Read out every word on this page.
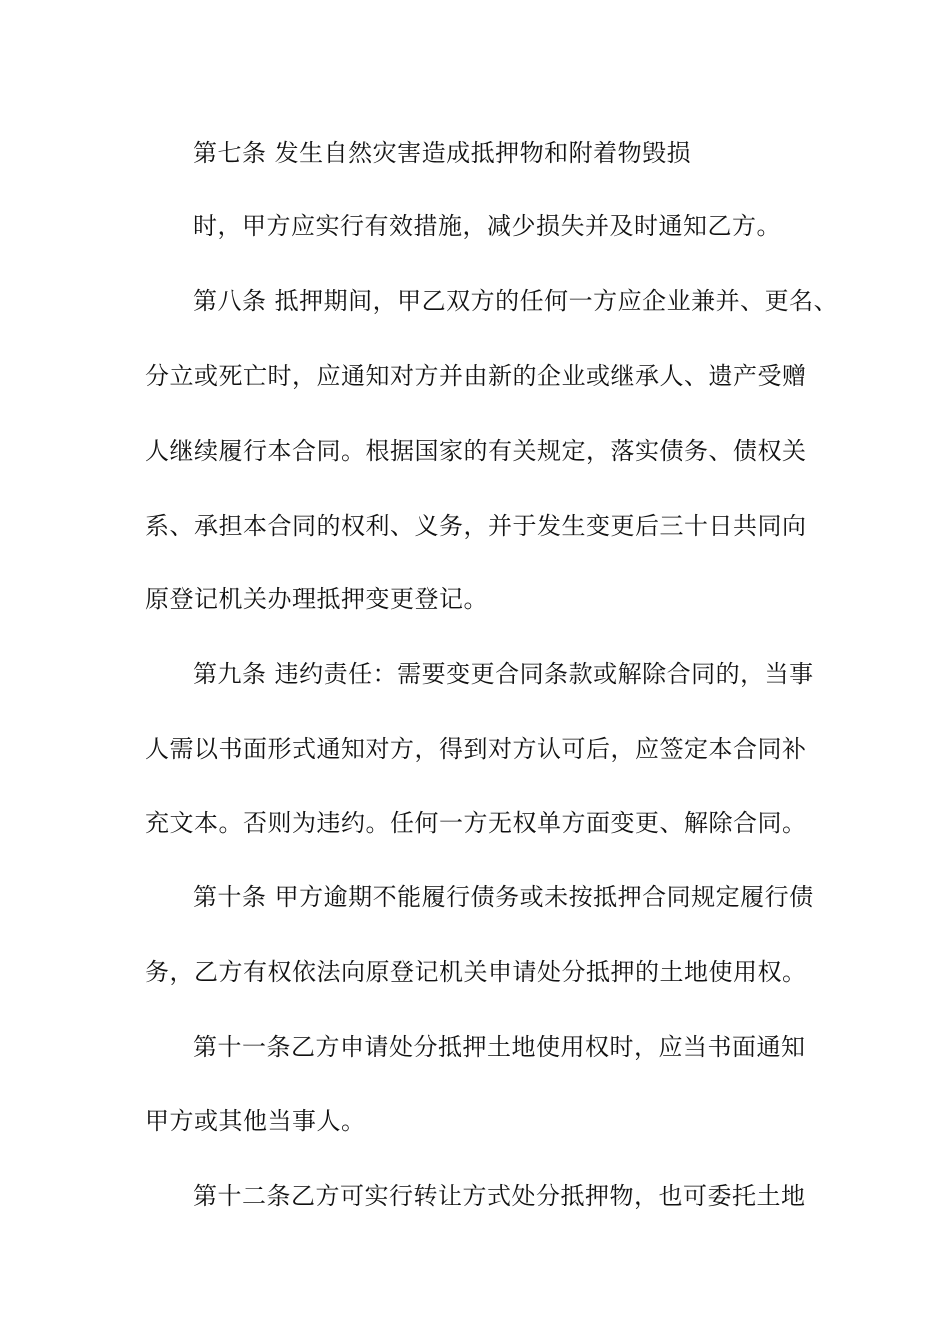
第七条 发生自然灾害造成抵押物和附着物毁损
时，甲方应实行有效措施，减少损失并及时通知乙方。
第八条 抵押期间，甲乙双方的任何一方应企业兼并、更名、
分立或死亡时，应通知对方并由新的企业或继承人、遗产受赠
人继续履行本合同。根据国家的有关规定，落实债务、债权关
系、承担本合同的权利、义务，并于发生变更后三十日共同向
原登记机关办理抵押变更登记。
第九条 违约责任：需要变更合同条款或解除合同的，当事
人需以书面形式通知对方，得到对方认可后，应签定本合同补
充文本。否则为违约。任何一方无权单方面变更、解除合同。
第十条 甲方逾期不能履行债务或未按抵押合同规定履行债
务，乙方有权依法向原登记机关申请处分抵押的土地使用权。
第十一条乙方申请处分抵押土地使用权时，应当书面通知
甲方或其他当事人。
第十二条乙方可实行转让方式处分抵押物，也可委托土地
